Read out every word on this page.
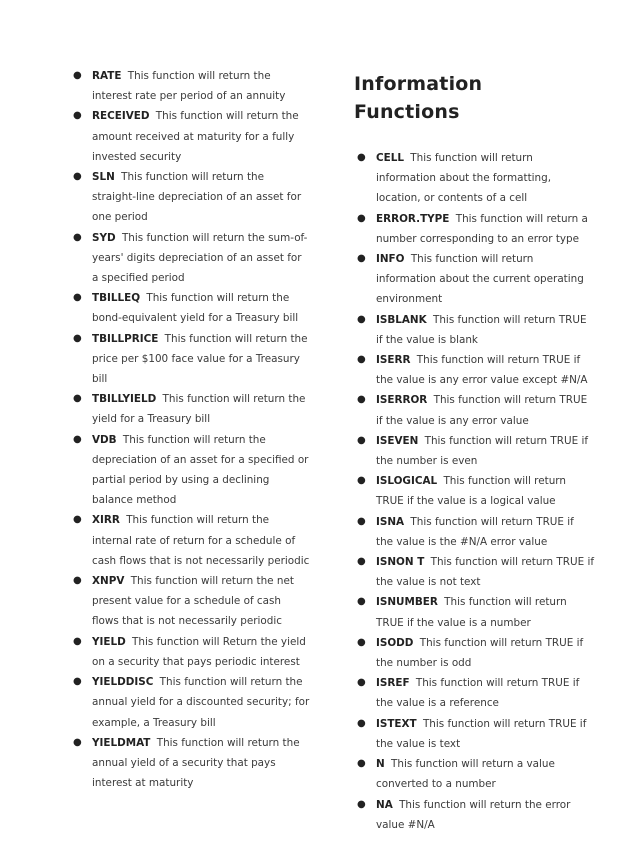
● RATE This function will return the interest rate per period of an annuity
● RECEIVED This function will return the amount received at maturity for a fully invested security
● SLN This function will return the straight-line depreciation of an asset for one period
● SYD This function will return the sum-of-years' digits depreciation of an asset for a specified period
● TBILLEQ This function will return the bond-equivalent yield for a Treasury bill
● TBILLPRICE This function will return the price per $100 face value for a Treasury bill
● TBILLYIELD This function will return the yield for a Treasury bill
● VDB This function will return the depreciation of an asset for a specified or partial period by using a declining balance method
● XIRR This function will return the internal rate of return for a schedule of cash flows that is not necessarily periodic
● XNPV This function will return the net present value for a schedule of cash flows that is not necessarily periodic
● YIELD This function will Return the yield on a security that pays periodic interest
● YIELDDISC This function will return the annual yield for a discounted security; for example, a Treasury bill
● YIELDMAT This function will return the annual yield of a security that pays interest at maturity
Information Functions
● CELL This function will return information about the formatting, location, or contents of a cell
● ERROR.TYPE This function will return a number corresponding to an error type
● INFO This function will return information about the current operating environment
● ISBLANK This function will return TRUE if the value is blank
● ISERR This function will return TRUE if the value is any error value except #N/A
● ISERROR This function will return TRUE if the value is any error value
● ISEVEN This function will return TRUE if the number is even
● ISLOGICAL This function will return TRUE if the value is a logical value
● ISNA This function will return TRUE if the value is the #N/A error value
● ISNON T This function will return TRUE if the value is not text
● ISNUMBER This function will return TRUE if the value is a number
● ISODD This function will return TRUE if the number is odd
● ISREF This function will return TRUE if the value is a reference
● ISTEXT This function will return TRUE if the value is text
● N This function will return a value converted to a number
● NA This function will return the error value #N/A
